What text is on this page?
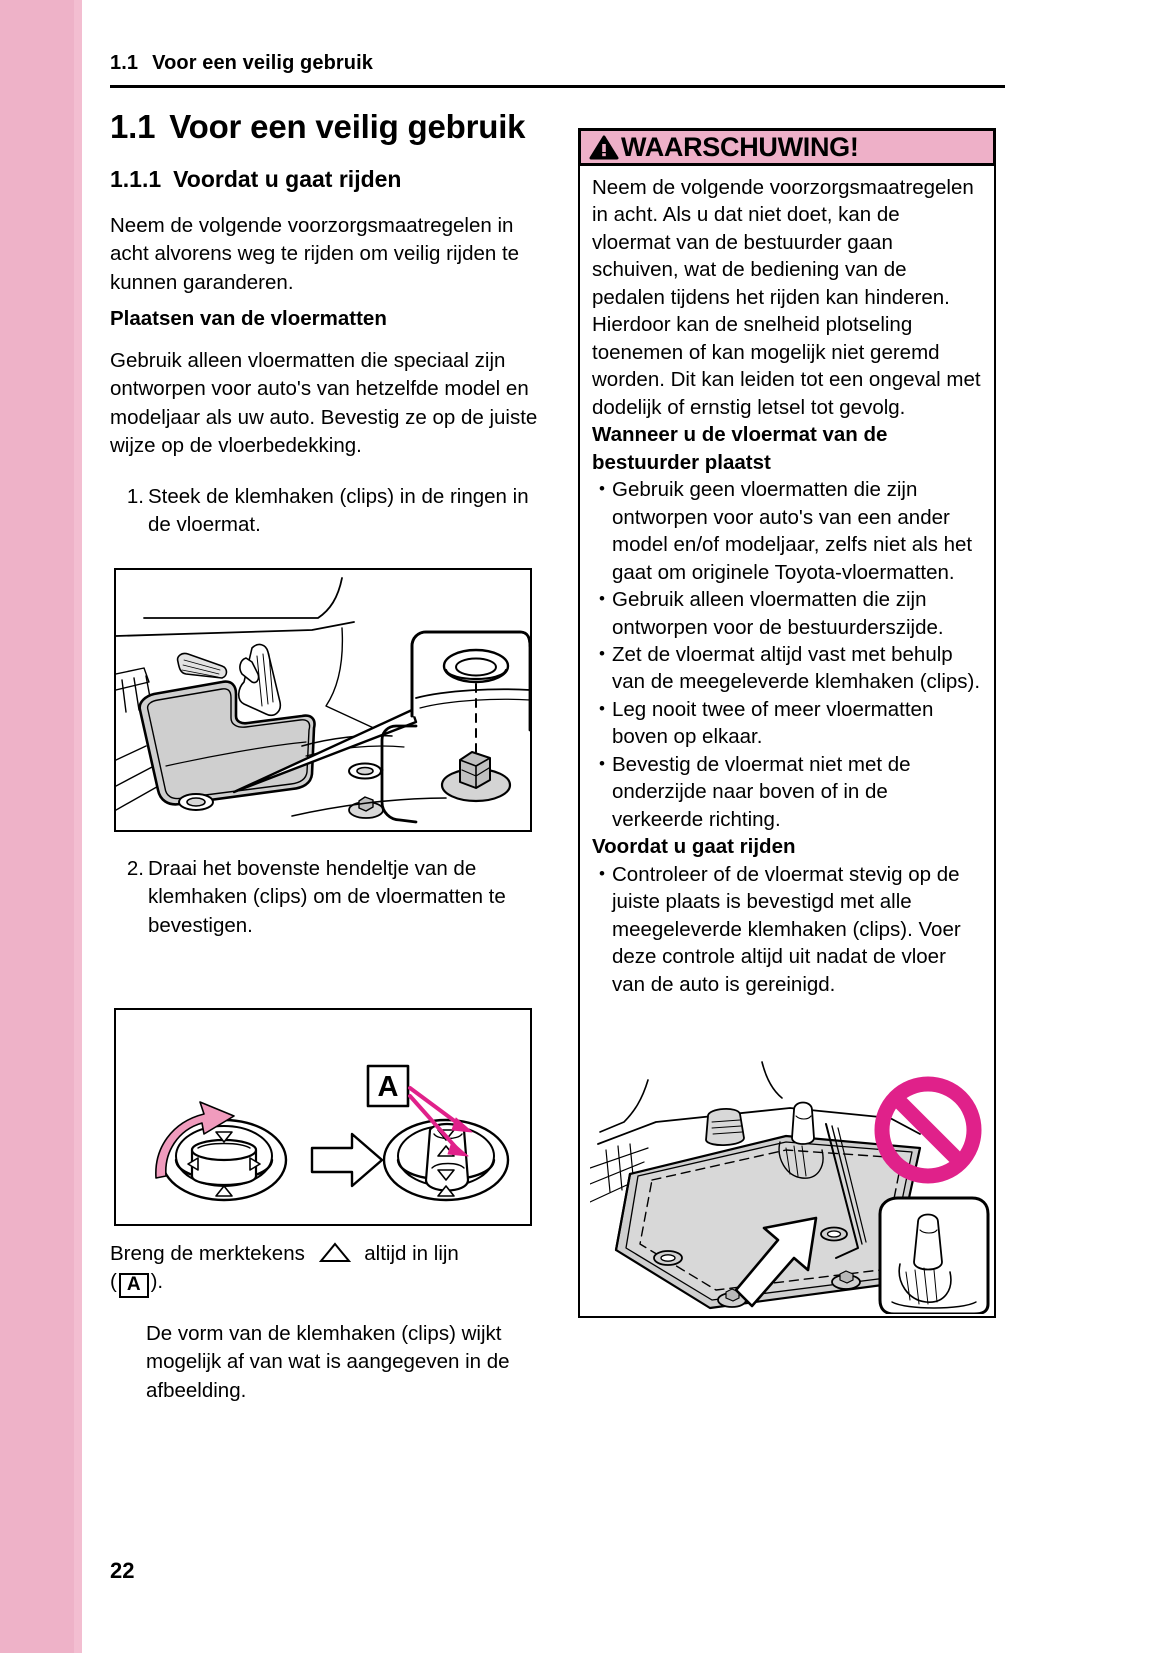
1.1 Voor een veilig gebruik
1.1 Voor een veilig gebruik
1.1.1 Voordat u gaat rijden

Neem de volgende voorzorgsmaatregelen in acht alvorens weg te rijden om veilig rijden te kunnen garanderen.

Plaatsen van de vloermatten

Gebruik alleen vloermatten die speciaal zijn ontworpen voor auto's van hetzelfde model en modeljaar als uw auto. Bevestig ze op de juiste wijze op de vloerbedekking.

1. Steek de klemhaken (clips) in de ringen in de vloermat.
2. Draai het bovenste hendeltje van de klemhaken (clips) om de vloermatten te bevestigen.
A

Breng de merktekens	altijd in lijn
( A ).

De vorm van de klemhaken (clips) wijkt mogelijk af van wat is aangegeven in de afbeelding.

22
WAARSCHUWING!

Neem de volgende voorzorgsmaatregelen in acht. Als u dat niet doet, kan de vloermat van de bestuurder gaan schuiven, wat de bediening van de pedalen tijdens het rijden kan hinderen. Hierdoor kan de snelheid plotseling toenemen of kan mogelijk niet geremd worden. Dit kan leiden tot een ongeval met dodelijk of ernstig letsel tot gevolg.

Wanneer u de vloermat van de bestuurder plaatst

• Gebruik geen vloermatten die zijn ontworpen voor auto's van een ander model en/of modeljaar, zelfs niet als het gaat om originele Toyota-vloermatten.
• Gebruik alleen vloermatten die zijn ontworpen voor de bestuurderszijde.
• Zet de vloermat altijd vast met behulp van de meegeleverde klemhaken (clips).
• Leg nooit twee of meer vloermatten boven op elkaar.
• Bevestig de vloermat niet met de onderzijde naar boven of in de verkeerde richting.

Voordat u gaat rijden

• Controleer of de vloermat stevig op de juiste plaats is bevestigd met alle meegeleverde klemhaken (clips). Voer deze controle altijd uit nadat de vloer van de auto is gereinigd.
